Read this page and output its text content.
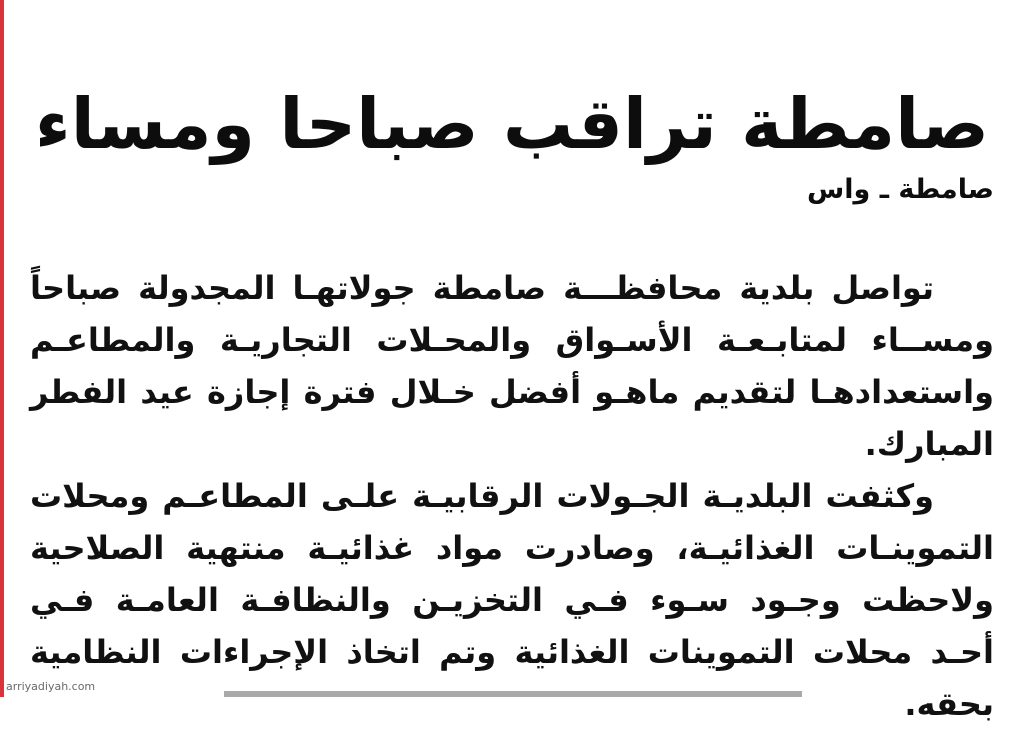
صامطة تراقب صباحا ومساء
صامطة ـ واس

تواصل بلدية محافظـــة صامطة جولاتهـا المجدولة صباحاً ومســاء لمتابـعـة الأسـواق والمحـلات التجاريـة والمطاعـم واستعدادهـا لتقديم ماهـو أفضل خـلال فترة إجازة عيد الفطر المبارك.

وكثفت البلديـة الجـولات الرقابيـة علـى المطاعـم ومحلات التموينـات الغذائيـة، وصادرت مواد غذائيـة منتهية الصلاحية ولاحظت وجـود سـوء فـي التخزيـن والنظافـة العامـة فـي أحـد محلات التموينات الغذائية وتم اتخاذ الإجراءات النظامية بحقه.

arriyadiyah.com
